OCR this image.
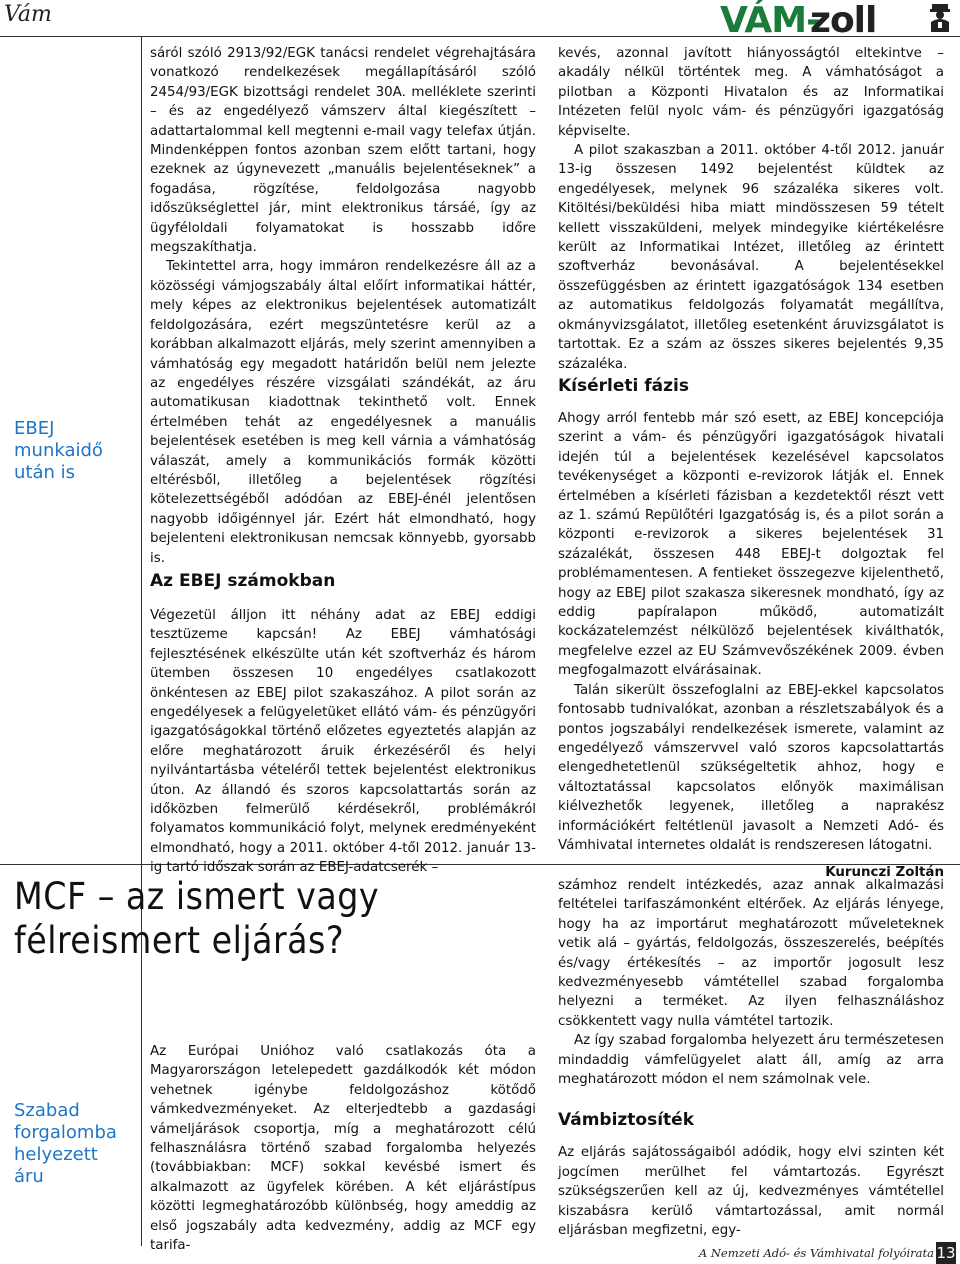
Vám	VÁM-
zoll
EBEJ
munkaidő
után is
Szabad
forgalomba
helyezett
áru

sáról szóló 2913/92/EGK tanácsi rendelet végrehajtására vonatkozó rendelkezések megállapításáról szóló 2454/93/EGK bizottsági rendelet 30A. melléklete szerinti – és az engedélyező vámszerv által kiegészített – adattartalommal kell megtenni e-mail vagy telefax útján. Mindenképpen fontos azonban szem előtt tartani, hogy ezeknek az úgynevezett „manuális bejelentéseknek” a fogadása, rögzítése, feldolgozása nagyobb időszükséglettel jár, mint elektronikus társáé, így az ügyféloldali folyamatokat is hosszabb időre megszakíthatja.

Tekintettel arra, hogy immáron rendelkezésre áll az a közösségi vámjogszabály által előírt informatikai háttér, mely képes az elektronikus bejelentések automatizált feldolgozására, ezért megszüntetésre kerül az a korábban alkalmazott eljárás, mely szerint amennyiben a vámhatóság egy megadott határidőn belül nem jelezte az engedélyes részére vizsgálati szándékát, az áru automatikusan kiadottnak tekinthető volt. Ennek értelmében tehát az engedélyesnek a manuális bejelentések esetében is meg kell várnia a vámhatóság válaszát, amely a kommunikációs formák közötti eltérésből, illetőleg a bejelentések rögzítési kötelezettségéből adódóan az EBEJ-énél jelentősen nagyobb időigénnyel jár. Ezért hát elmondható, hogy bejelenteni elektronikusan nemcsak könnyebb, gyorsabb is.

Az EBEJ számokban

Végezetül álljon itt néhány adat az EBEJ eddigi tesztüzeme kapcsán! Az EBEJ vámhatósági fejlesztésének elkészülte után két szoftverház és három ütemben összesen 10 engedélyes csatlakozott önkéntesen az EBEJ pilot szakaszához. A pilot során az engedélyesek a felügyeletüket ellátó vám- és pénzügyőri igazgatóságokkal történő előzetes egyeztetés alapján az előre meghatározott áruik érkezéséről és helyi nyilvántartásba vételéről tettek bejelentést elektronikus úton. Az állandó és szoros kapcsolattartás során az időközben felmerülő kérdésekről, problémákról folyamatos kommunikáció folyt, melynek eredményeként elmondható, hogy a 2011. október 4-től 2012. január 13-ig tartó időszak során az EBEJ-adatcserék –

kevés, azonnal javított hiányosságtól eltekintve – akadály nélkül történtek meg. A vámhatóságot a pilotban a Központi Hivatalon és az Informatikai Intézeten felül nyolc vám- és pénzügyőri igazgatóság képviselte.

A pilot szakaszban a 2011. október 4-től 2012. január 13-ig összesen 1492 bejelentést küldtek az engedélyesek, melynek 96 százaléka sikeres volt. Kitöltési/beküldési hiba miatt mindösszesen 59 tételt kellett visszaküldeni, melyek mindegyike kiértékelésre került az Informatikai Intézet, illetőleg az érintett szoftverház bevonásával. A bejelentésekkel összefüggésben az érintett igazgatóságok 134 esetben az automatikus feldolgozás folyamatát megállítva, okmányvizsgálatot, illetőleg esetenként áruvizsgálatot is tartottak. Ez a szám az összes sikeres bejelentés 9,35 százaléka.

Kísérleti fázis

Ahogy arról fentebb már szó esett, az EBEJ koncepciója szerint a vám- és pénzügyőri igazgatóságok hivatali idején túl a bejelentések kezelésével kapcsolatos tevékenységet a központi e-revizorok látják el. Ennek értelmében a kísérleti fázisban a kezdetektől részt vett az 1. számú Repülőtéri Igazgatóság is, és a pilot során a központi e-revizorok a sikeres bejelentések 31 százalékát, összesen 448 EBEJ-t dolgoztak fel problémamentesen. A fentieket összegezve kijelenthető, hogy az EBEJ pilot szakasza sikeresnek mondható, így az eddig papíralapon működő, automatizált kockázatelemzést nélkülöző bejelentések kiválthatók, megfelelve ezzel az EU Számvevőszékének 2009. évben megfogalmazott elvárásainak.

Talán sikerült összefoglalni az EBEJ-ekkel kapcsolatos fontosabb tudnivalókat, azonban a részletszabályok és a pontos jogszabályi rendelkezések ismerete, valamint az engedélyező vámszervvel való szoros kapcsolattartás elengedhetetlenül szükségeltetik ahhoz, hogy e változtatással kapcsolatos előnyök maximálisan kiélvezhetők legyenek, illetőleg a naprakész információkért feltétlenül javasolt a Nemzeti Adó- és Vámhivatal internetes oldalát is rendszeresen látogatni.

Kurunczi Zoltán
MCF – az ismert vagy
félreismert eljárás?

Az Európai Unióhoz való csatlakozás óta a Magyarországon letelepedett gazdálkodók két módon vehetnek igénybe feldolgozáshoz kötődő vámkedvezményeket. Az elterjedtebb a gazdasági vámeljárások csoportja, míg a meghatározott célú felhasználásra történő szabad forgalomba helyezés (továbbiakban: MCF) sokkal kevésbé ismert és alkalmazott az ügyfelek körében. A két eljárástípus közötti legmeghatározóbb különbség, hogy ameddig az első jogszabály adta kedvezmény, addig az MCF egy tarifa-

számhoz rendelt intézkedés, azaz annak alkalmazási feltételei tarifaszámonként eltérőek. Az eljárás lényege, hogy ha az importárut meghatározott műveleteknek vetik alá – gyártás, feldolgozás, összeszerelés, beépítés és/vagy értékesítés – az importőr jogosult lesz kedvezményesebb vámtétellel szabad forgalomba helyezni a terméket. Az ilyen felhasználáshoz csökkentett vagy nulla vámtétel tartozik.

Az így szabad forgalomba helyezett áru természetesen mindaddig vámfelügyelet alatt áll, amíg az arra meghatározott módon el nem számolnak vele.

Vámbiztosíték

Az eljárás sajátosságaiból adódik, hogy elvi szinten két jogcímen merülhet fel vámtartozás. Egyrészt szükségszerűen kell az új, kedvezményes vámtétellel kiszabásra kerülő vámtartozással, amit normál eljárásban megfizetni, egy-

A Nemzeti Adó- és Vámhivatal folyóirata 13
